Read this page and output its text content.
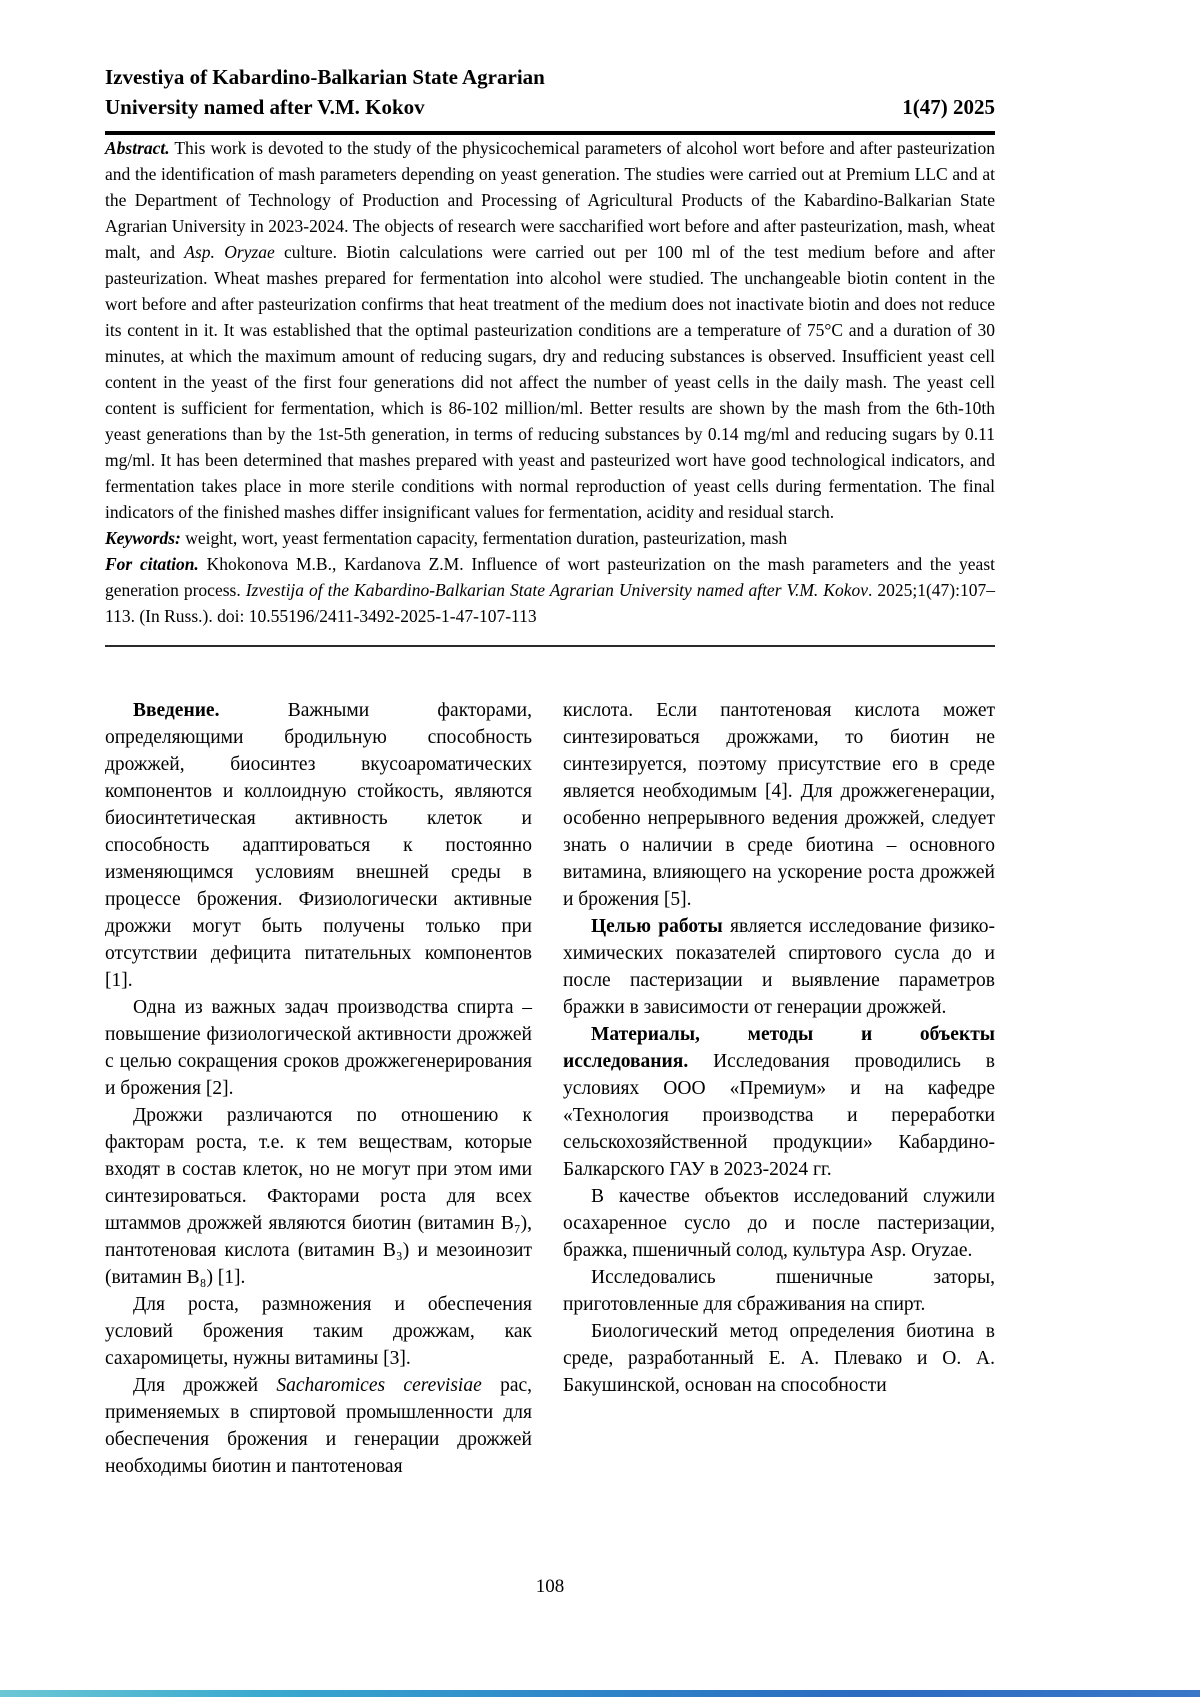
Izvestiya of Kabardino-Balkarian State Agrarian
University named after V.M. Kokov	1(47) 2025

Abstract. This work is devoted to the study of the physicochemical parameters of alcohol wort before and after pasteurization and the identification of mash parameters depending on yeast generation. The studies were carried out at Premium LLC and at the Department of Technology of Production and Processing of Agricultural Products of the Kabardino-Balkarian State Agrarian University in 2023-2024. The objects of research were saccharified wort before and after pasteurization, mash, wheat malt, and Asp. Oryzae culture. Biotin calculations were carried out per 100 ml of the test medium before and after pasteurization. Wheat mashes prepared for fermentation into alcohol were studied. The unchangeable biotin content in the wort before and after pasteurization confirms that heat treatment of the medium does not inactivate biotin and does not reduce its content in it. It was established that the optimal pasteurization conditions are a temperature of 75°C and a duration of 30 minutes, at which the maximum amount of reducing sugars, dry and reducing substances is observed. Insufficient yeast cell content in the yeast of the first four generations did not affect the number of yeast cells in the daily mash. The yeast cell content is sufficient for fermentation, which is 86-102 million/ml. Better results are shown by the mash from the 6th-10th yeast generations than by the 1st-5th generation, in terms of reducing substances by 0.14 mg/ml and reducing sugars by 0.11 mg/ml. It has been determined that mashes prepared with yeast and pasteurized wort have good technological indicators, and fermentation takes place in more sterile conditions with normal reproduction of yeast cells during fermentation. The final indicators of the finished mashes differ insignificant values for fermentation, acidity and residual starch.

Keywords: weight, wort, yeast fermentation capacity, fermentation duration, pasteurization, mash

For citation. Khokonova M.B., Kardanova Z.M. Influence of wort pasteurization on the mash parameters and the yeast generation process. Izvestija of the Kabardino-Balkarian State Agrarian University named after V.M. Kokov. 2025;1(47):107–113. (In Russ.). doi: 10.55196/2411-3492-2025-1-47-107-113

Введение. Важными факторами, определяющими бродильную способность дрожжей, биосинтез вкусоароматических компонентов и коллоидную стойкость, являются биосинтетическая активность клеток и способность адаптироваться к постоянно изменяющимся условиям внешней среды в процессе брожения. Физиологически активные дрожжи могут быть получены только при отсутствии дефицита питательных компонентов [1].

Одна из важных задач производства спирта – повышение физиологической активности дрожжей с целью сокращения сроков дрожжегенерирования и брожения [2].

Дрожжи различаются по отношению к факторам роста, т.е. к тем веществам, которые входят в состав клеток, но не могут при этом ими синтезироваться. Факторами роста для всех штаммов дрожжей являются биотин (витамин В₇), пантотеновая кислота (витамин В₃) и мезоинозит (витамин В₈) [1].

Для роста, размножения и обеспечения условий брожения таким дрожжам, как сахаромицеты, нужны витамины [3].

Для дрожжей Sacharomices cerevisiae рас, применяемых в спиртовой промышленности для обеспечения брожения и генерации дрожжей необходимы биотин и пантотеновая

кислота. Если пантотеновая кислота может синтезироваться дрожжами, то биотин не синтезируется, поэтому присутствие его в среде является необходимым [4]. Для дрожжегенерации, особенно непрерывного ведения дрожжей, следует знать о наличии в среде биотина – основного витамина, влияющего на ускорение роста дрожжей и брожения [5].

Целью работы является исследование физико-химических показателей спиртового сусла до и после пастеризации и выявление параметров бражки в зависимости от генерации дрожжей.

Материалы, методы и объекты исследования. Исследования проводились в условиях ООО «Премиум» и на кафедре «Технология производства и переработки сельскохозяйственной продукции» Кабардино-Балкарского ГАУ в 2023-2024 гг.

В качестве объектов исследований служили осахаренное сусло до и после пастеризации, бражка, пшеничный солод, культура Asp. Oryzae.

Исследовались пшеничные заторы, приготовленные для сбраживания на спирт.

Биологический метод определения биотина в среде, разработанный Е. А. Плевако и О. А. Бакушинской, основан на способности

108
